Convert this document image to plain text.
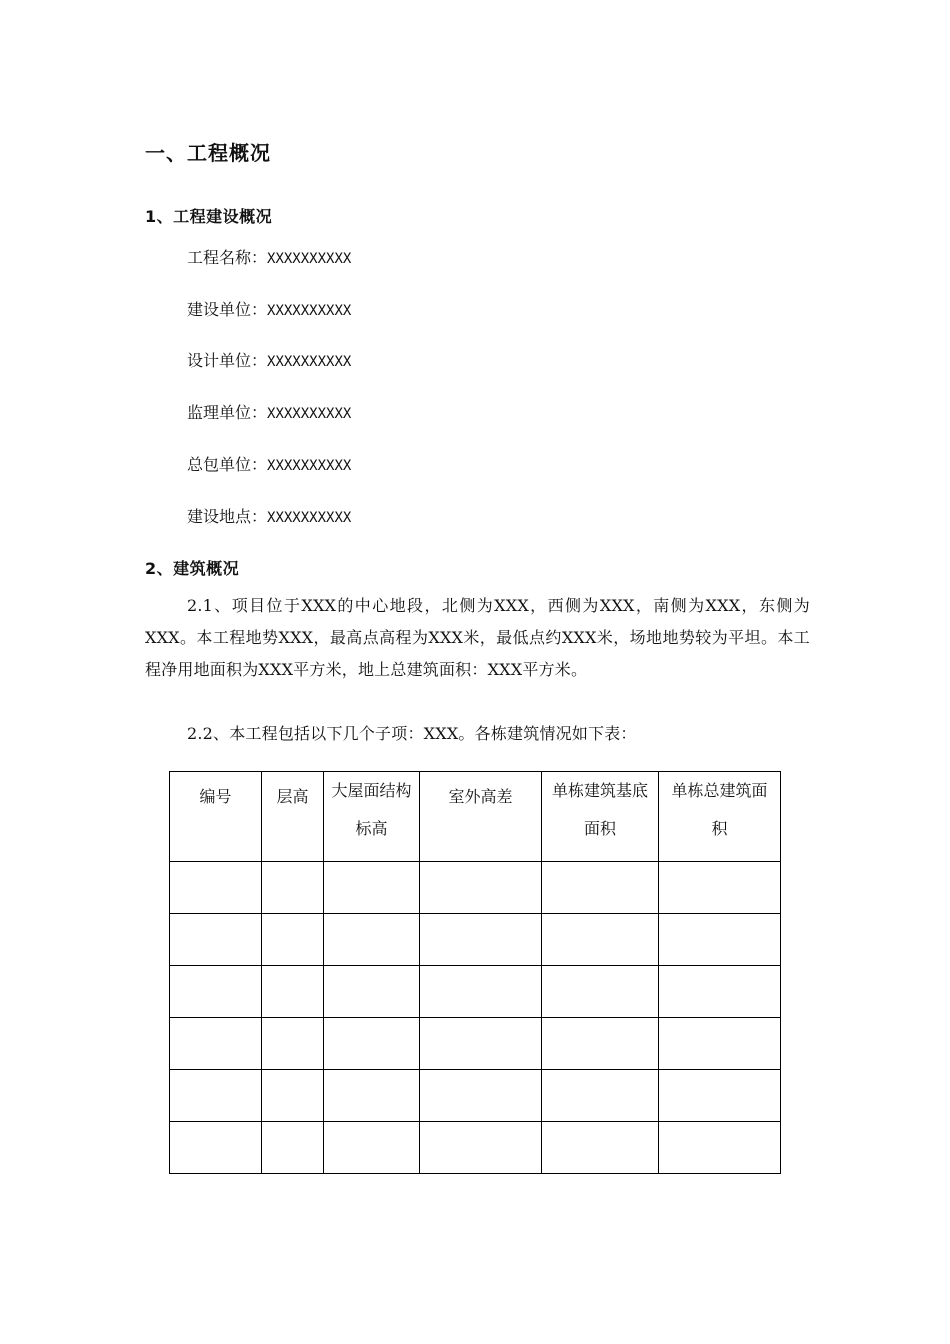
一、工程概况
1、工程建设概况
工程名称：XXXXXXXXXX
建设单位：XXXXXXXXXX
设计单位：XXXXXXXXXX
监理单位：XXXXXXXXXX
总包单位：XXXXXXXXXX
建设地点：XXXXXXXXXX
2、建筑概况
2.1、项目位于XXX的中心地段，北侧为XXX，西侧为XXX，南侧为XXX，东侧为XXX。本工程地势XXX，最高点高程为XXX米，最低点约XXX米，场地地势较为平坦。本工程净用地面积为XXX平方米，地上总建筑面积：XXX平方米。
2.2、本工程包括以下几个子项：XXX。各栋建筑情况如下表：
编号	层高	大屋面结构标高	室外高差	单栋建筑基底面积	单栋总建筑面积
